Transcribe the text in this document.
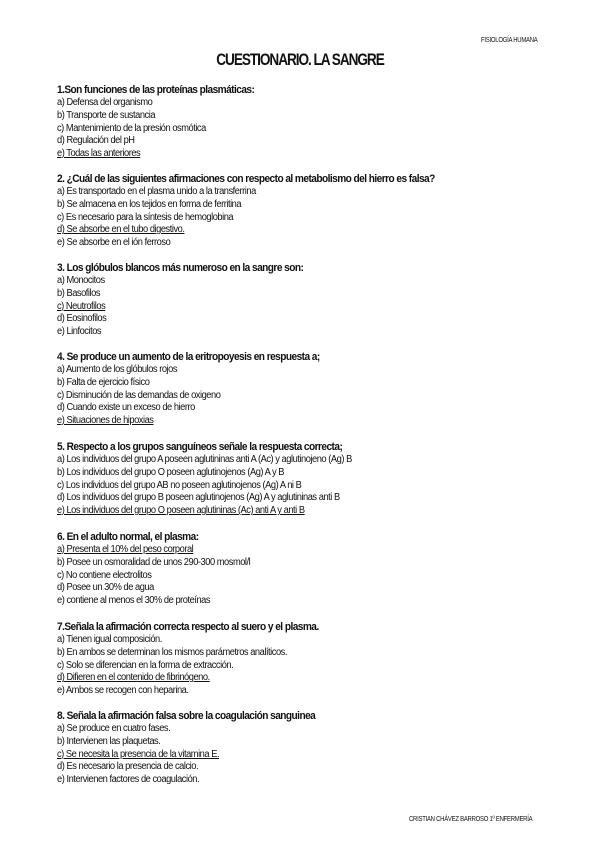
FISIOLOGÍA HUMANA
CUESTIONARIO. LA SANGRE
1.Son funciones de las proteínas plasmáticas:
a) Defensa del organismo
b) Transporte de sustancia
c) Mantenimiento de la presión osmótica
d) Regulación del pH
e) Todas las anteriores
2. ¿Cuál de las siguientes afirmaciones con respecto al metabolismo del hierro es falsa?
a) Es transportado en el plasma unido a la transferrina
b) Se almacena en los tejidos en forma de ferritina
c) Es necesario para la síntesis de hemoglobina
d) Se absorbe en el tubo digestivo.
e) Se absorbe en el ión ferroso
3. Los glóbulos blancos más numeroso en la sangre son:
a) Monocitos
b) Basofilos
c) Neutrofilos
d) Eosinofilos
e) Linfocitos
4. Se produce un aumento de la eritropoyesis en respuesta a;
a) Aumento de los glóbulos rojos
b) Falta de ejercicio físico
c) Disminución de las demandas de oxigeno
d) Cuando existe un exceso de hierro
e) Situaciones de hipoxias
5. Respecto a los grupos sanguíneos señale la respuesta correcta;
a) Los individuos del grupo A poseen aglutininas anti A (Ac) y aglutinojeno (Ag) B
b) Los individuos del grupo O poseen aglutinojenos (Ag) A y B
c) Los individuos del grupo AB no poseen aglutinojenos (Ag) A ni B
d) Los individuos del grupo B poseen aglutinojenos (Ag) A y aglutininas anti B
e) Los individuos del grupo O poseen aglutininas (Ac) anti A y anti B
6. En el adulto normal, el plasma:
a) Presenta el 10% del peso corporal
b) Posee un osmoralidad de unos 290-300 mosmol/l
c) No contiene electrolitos
d) Posee un 30% de agua
e) contiene al menos el 30% de proteínas
7.Señala la afirmación correcta respecto al suero y el plasma.
a) Tienen igual composición.
b) En ambos se determinan los mismos parámetros analíticos.
c) Solo se diferencian en la forma de extracción.
d) Difieren en el contenido de fibrinógeno.
e) Ambos se recogen con heparina.
8. Señala la afirmación falsa sobre la coagulación sanguinea
a) Se produce en cuatro fases.
b) Intervienen las plaquetas.
c) Se necesita la presencia de la vitamina E.
d) Es necesario la presencia de calcio.
e) Intervienen factores de coagulación.
CRISTIAN CHÁVEZ BARROSO 1º ENFERMERÍA
